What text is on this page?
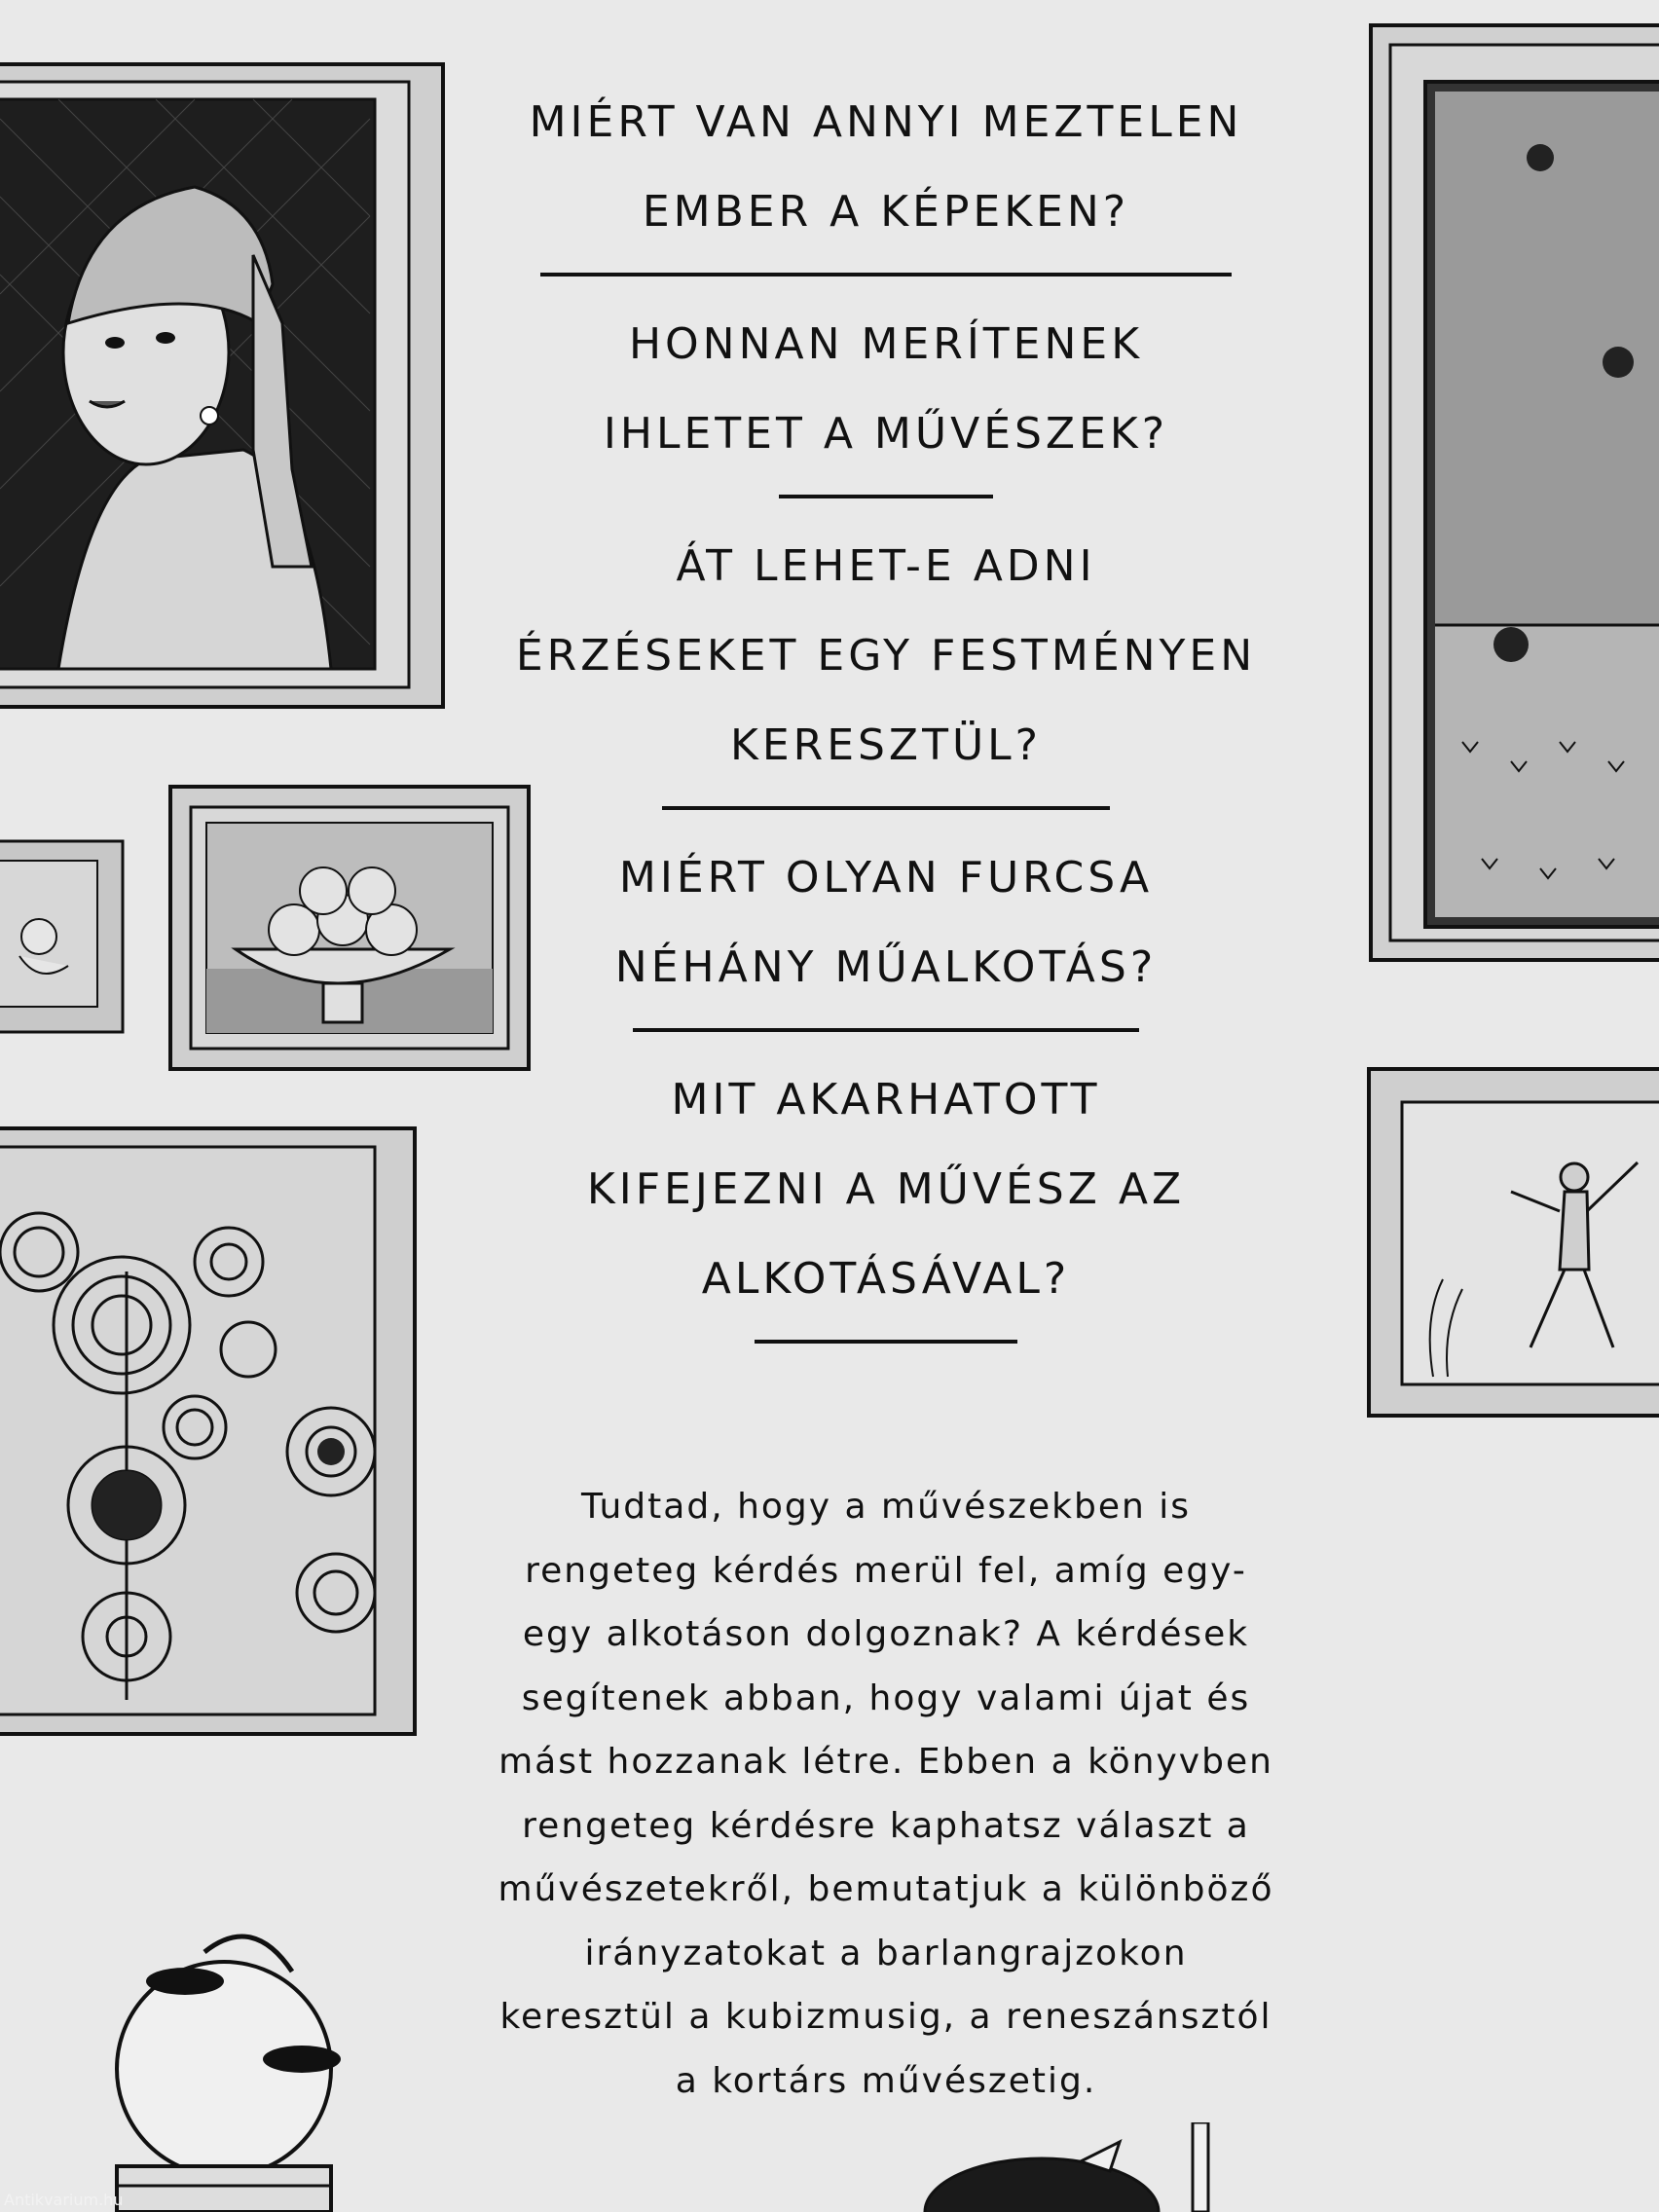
MIÉRT VAN ANNYI MEZTELEN
EMBER A KÉPEKEN?
HONNAN MERÍTENEK
IHLETET A MŰVÉSZEK?
ÁT LEHET-E ADNI
ÉRZÉSEKET EGY FESTMÉNYEN
KERESZTÜL?
MIÉRT OLYAN FURCSA
NÉHÁNY MŰALKOTÁS?
MIT AKARHATOTT
KIFEJEZNI A MŰVÉSZ AZ
ALKOTÁSÁVAL?
Tudtad, hogy a művészekben is
rengeteg kérdés merül fel, amíg egy-
egy alkotáson dolgoznak? A kérdések
segítenek abban, hogy valami újat és
mást hozzanak létre. Ebben a könyvben
rengeteg kérdésre kaphatsz választ a
művészetekről, bemutatjuk a különböző
irányzatokat a barlangrajzokon
keresztül a kubizmusig, a reneszánsztól
a kortárs művészetig.
Antikvarium.hu
